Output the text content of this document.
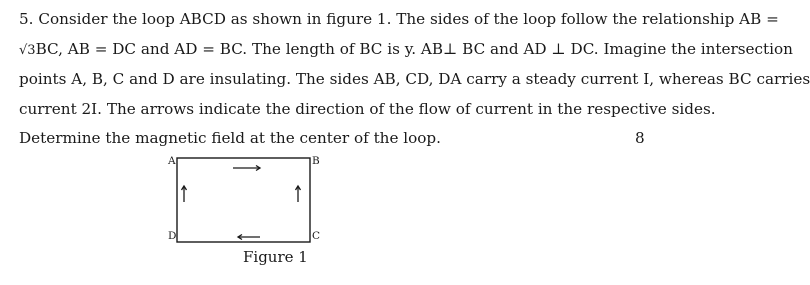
5. Consider the loop ABCD as shown in figure 1. The sides of the loop follow the relationship AB =
√3BC, AB = DC and AD = BC. The length of BC is y. AB⊥ BC and AD ⊥ DC. Imagine the intersection
points A, B, C and D are insulating. The sides AB, CD, DA carry a steady current I, whereas BC carries
current 2I. The arrows indicate the direction of the flow of current in the respective sides.
Determine the magnetic field at the center of the loop.	8
A	B
C
D
Figure 1
